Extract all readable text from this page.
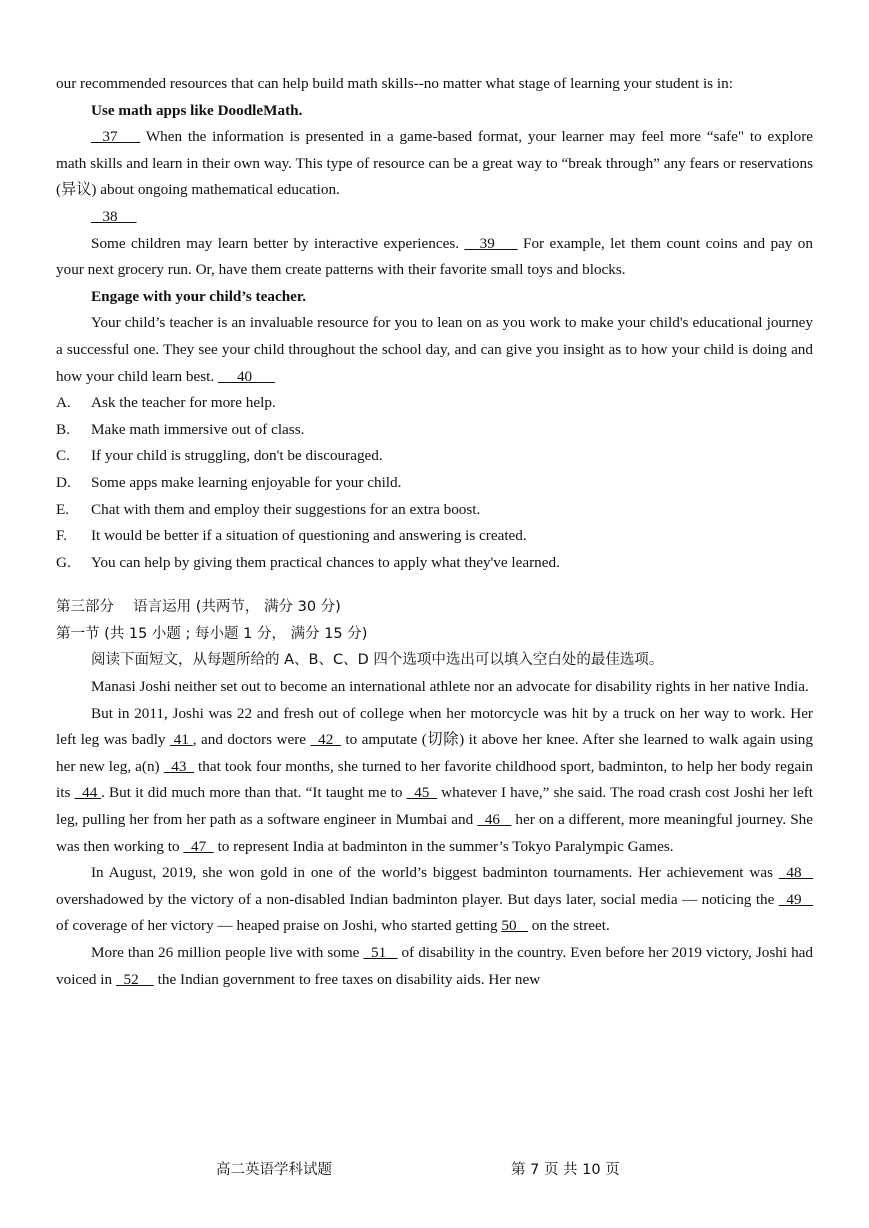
our recommended resources that can help build math skills--no matter what stage of learning your student is in:

Use math apps like DoodleMath.

37       When the information is presented in a game-based format, your learner may feel more “safe" to explore math skills and learn in their own way. This type of resource can be a great way to “break through” any fears or reservations (异议) about ongoing mathematical education.

38

Some children may learn better by interactive experiences.     39       For example, let them count coins and pay on your next grocery run. Or, have them create patterns with their favorite small toys and blocks.

Engage with your child’s teacher.

Your child’s teacher is an invaluable resource for you to lean on as you work to make your child's educational journey a successful one. They see your child throughout the school day, and can give you insight as to how your child is doing and how your child learn best.      40

A.	Ask the teacher for more help.
B.	Make math immersive out of class.
C.	If your child is struggling, don't be discouraged.
D.	Some apps make learning enjoyable for your child.
E.	Chat with them and employ their suggestions for an extra boost.
F.	It would be better if a situation of questioning and answering is created.
G.	You can help by giving them practical chances to apply what they've learned.

第三部分　 语言运用 (共两节， 满分 30 分)

第一节 (共 15 小题 ; 每小题 1 分， 满分 15 分)

阅读下面短文，从每题所给的 A、B、C、D 四个选项中选出可以填入空白处的最佳选项。

Manasi Joshi neither set out to become an international athlete nor an advocate for disability rights in her native India.

But in 2011, Joshi was 22 and fresh out of college when her motorcycle was hit by a truck on her way to work. Her left leg was badly  41 , and doctors were   42   to amputate (切除) it above her knee. After she learned to walk again using her new leg, a(n)   43   that took four months, she turned to her favorite childhood sport, badminton, to help her body regain its   44 . But it did much more than that. “It taught me to   45   whatever I have,” she said. The road crash cost Joshi her left leg, pulling her from her path as a software engineer in Mumbai and   46    her on a different, more meaningful journey. She was then working to   47   to represent India at badminton in the summer’s Tokyo Paralympic Games.

In August, 2019, she won gold in one of the world’s biggest badminton tournaments. Her achievement was   48    overshadowed by the victory of a non-disabled Indian badminton player. But days later, social media — noticing the   49    of coverage of her victory — heaped praise on Joshi, who started getting 50    on the street.

More than 26 million people live with some   51    of disability in the country. Even before her 2019 victory, Joshi had voiced in   52     the Indian government to free taxes on disability aids. Her new

高二英语学科试题	第 7 页 共 10 页
